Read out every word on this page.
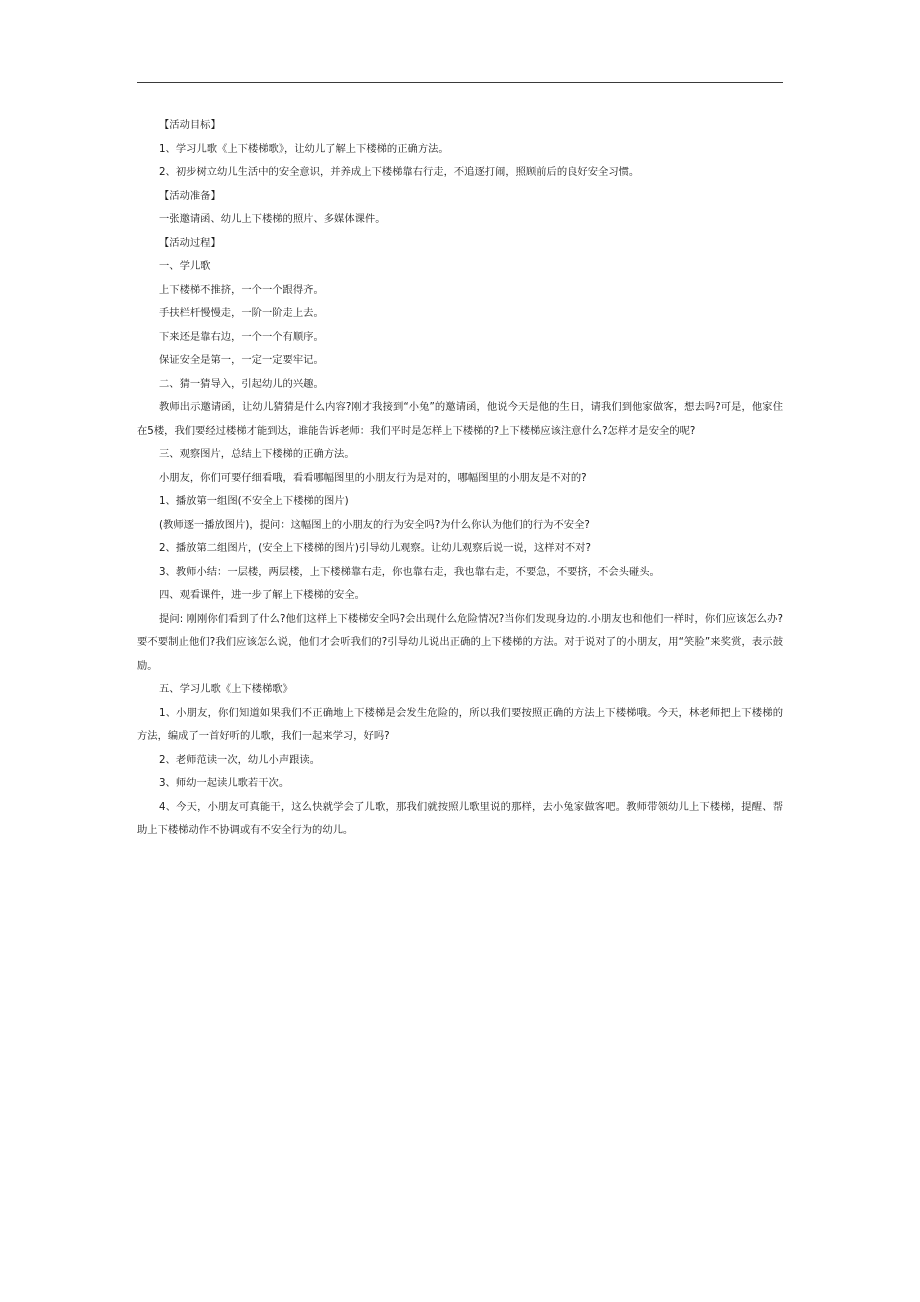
【活动目标】

1、学习儿歌《上下楼梯歌》，让幼儿了解上下楼梯的正确方法。

2、初步树立幼儿生活中的安全意识，并养成上下楼梯靠右行走，不追逐打闹，照顾前后的良好安全习惯。

【活动准备】

一张邀请函、幼儿上下楼梯的照片、多媒体课件。

【活动过程】

一、学儿歌

上下楼梯不推挤，一个一个跟得齐。

手扶栏杆慢慢走，一阶一阶走上去。

下来还是靠右边，一个一个有顺序。

保证安全是第一，一定一定要牢记。

二、猜一猜导入，引起幼儿的兴趣。

教师出示邀请函，让幼儿猜猜是什么内容?刚才我接到“小兔”的邀请函，他说今天是他的生日，请我们到他家做客，想去吗?可是，他家住在5楼，我们要经过楼梯才能到达，谁能告诉老师：我们平时是怎样上下楼梯的?上下楼梯应该注意什么?怎样才是安全的呢?

三、观察图片，总结上下楼梯的正确方法。

小朋友，你们可要仔细看哦，看看哪幅图里的小朋友行为是对的，哪幅图里的小朋友是不对的?

1、播放第一组图(不安全上下楼梯的图片)

(教师逐一播放图片)，提问：这幅图上的小朋友的行为安全吗?为什么你认为他们的行为不安全?

2、播放第二组图片，(安全上下楼梯的图片)引导幼儿观察。让幼儿观察后说一说，这样对不对?

3、教师小结：一层楼，两层楼，上下楼梯靠右走，你也靠右走，我也靠右走，不要急，不要挤，不会头碰头。

四、观看课件，进一步了解上下楼梯的安全。

提问: 刚刚你们看到了什么?他们这样上下楼梯安全吗?会出现什么危险情况?当你们发现身边的.小朋友也和他们一样时，你们应该怎么办?要不要制止他们?我们应该怎么说，他们才会听我们的?引导幼儿说出正确的上下楼梯的方法。对于说对了的小朋友，用“笑脸”来奖赏，表示鼓励。

五、学习儿歌《上下楼梯歌》

1、小朋友，你们知道如果我们不正确地上下楼梯是会发生危险的，所以我们要按照正确的方法上下楼梯哦。今天，林老师把上下楼梯的方法，编成了一首好听的儿歌，我们一起来学习，好吗?

2、老师范读一次，幼儿小声跟读。

3、师幼一起读儿歌若干次。

4、今天，小朋友可真能干，这么快就学会了儿歌，那我们就按照儿歌里说的那样，去小兔家做客吧。教师带领幼儿上下楼梯，提醒、帮助上下楼梯动作不协调或有不安全行为的幼儿。
